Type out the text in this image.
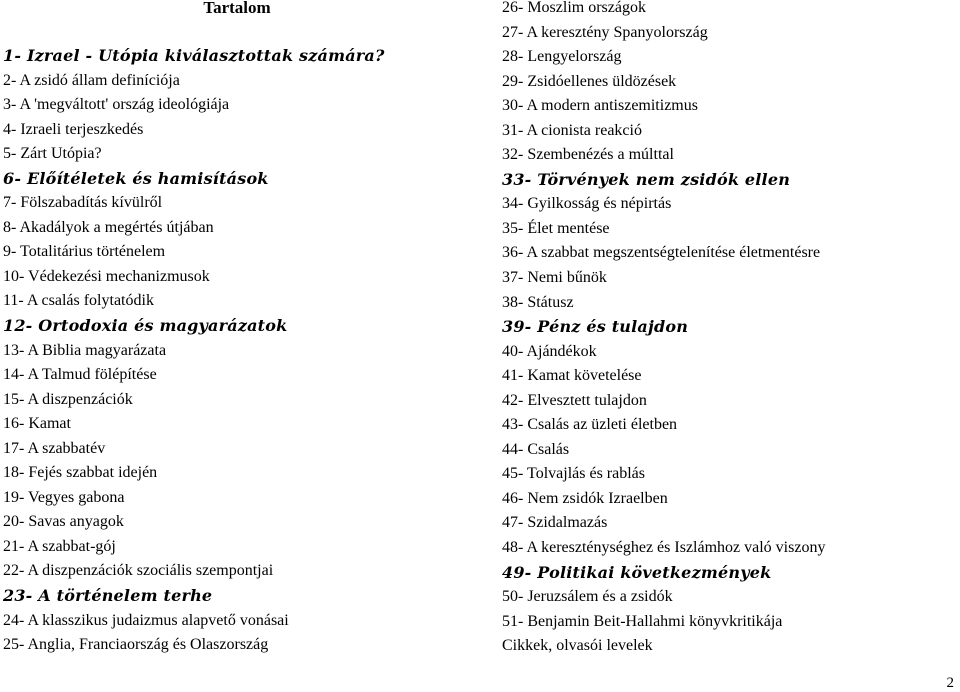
Tartalom
1- Izrael - Utópia kiválasztottak számára?
2- A zsidó állam definíciója
3- A 'megváltott' ország ideológiája
4- Izraeli terjeszkedés
5- Zárt Utópia?
6- Előítéletek és hamisítások
7- Fölszabadítás kívülről
8- Akadályok a megértés útjában
9- Totalitárius történelem
10- Védekezési mechanizmusok
11- A csalás folytatódik
12- Ortodoxia és magyarázatok
13- A Biblia magyarázata
14- A Talmud fölépítése
15- A diszpenzációk
16- Kamat
17- A szabbatév
18- Fejés szabbat idején
19- Vegyes gabona
20- Savas anyagok
21- A szabbat-gój
22- A diszpenzációk szociális szempontjai
23- A történelem terhe
24- A klasszikus judaizmus alapvető vonásai
25- Anglia, Franciaország és Olaszország
26- Moszlim országok
27- A keresztény Spanyolország
28- Lengyelország
29- Zsidóellenes üldözések
30- A modern antiszemitizmus
31- A cionista reakció
32- Szembenézés a múlttal
33- Törvények nem zsidók ellen
34- Gyilkosság és népirtás
35- Élet mentése
36- A szabbat megszentségtelenítése életmentésre
37- Nemi bűnök
38- Státusz
39- Pénz és tulajdon
40- Ajándékok
41- Kamat követelése
42- Elvesztett tulajdon
43- Csalás az üzleti életben
44- Csalás
45- Tolvajlás és rablás
46- Nem zsidók Izraelben
47- Szidalmazás
48- A kereszténységhez és Iszlámhoz való viszony
49- Politikai következmények
50- Jeruzsálem és a zsidók
51- Benjamin Beit-Hallahmi könyvkritikája
Cikkek, olvasói levelek
2
